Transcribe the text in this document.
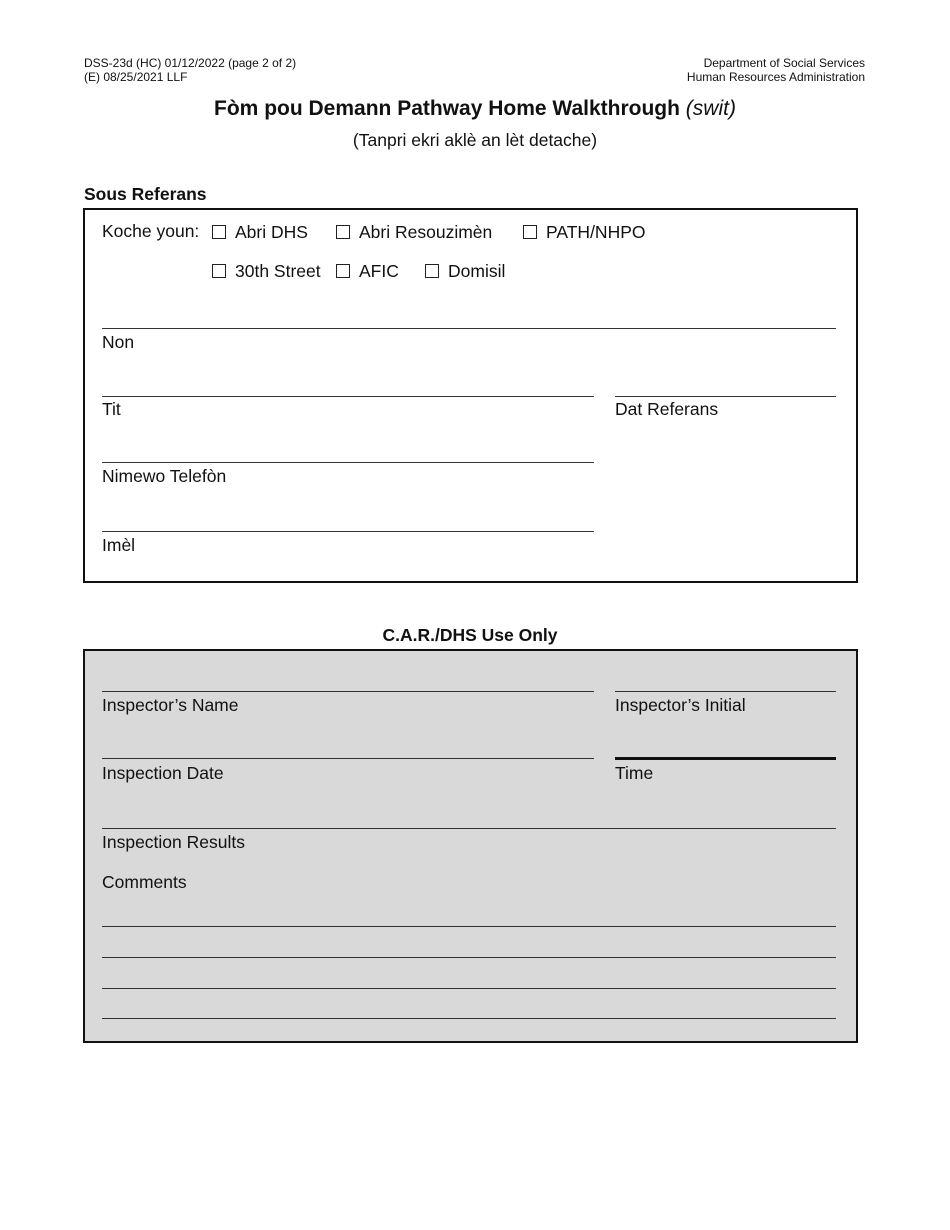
DSS-23d (HC) 01/12/2022 (page 2 of 2)
(E) 08/25/2021 LLF
Department of Social Services
Human Resources Administration
Fòm pou Demann Pathway Home Walkthrough (swit)
(Tanpri ekri aklè an lèt detache)
Sous Referans
Koche youn:	Abri DHS	Abri Resouzimèn	PATH/NHPO
30th Street	AFIC	Domisil
Non
Tit	Dat Referans
Nimewo Telefòn
Imèl
C.A.R./DHS Use Only
Inspector’s Name	Inspector’s Initial
Inspection Date	Time
Inspection Results
Comments
